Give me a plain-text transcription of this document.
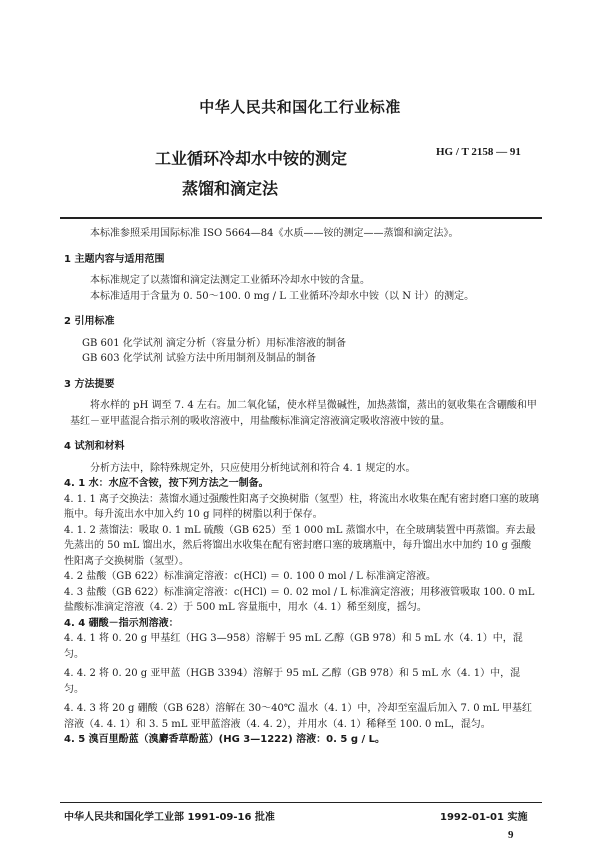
中华人民共和国化工行业标准
工业循环冷却水中铵的测定
蒸馏和滴定法
HG / T 2158 — 91

本标准参照采用国际标准 ISO 5664—84《水质——铵的测定——蒸馏和滴定法》。

1 主题内容与适用范围

本标准规定了以蒸馏和滴定法测定工业循环冷却水中铵的含量。

本标准适用于含量为 0. 50～100. 0 mg / L 工业循环冷却水中铵（以 N 计）的测定。

2 引用标准

GB 601 化学试剂 滴定分析（容量分析）用标准溶液的制备

GB 603 化学试剂 试验方法中所用制剂及制品的制备

3 方法提要

将水样的 pH 调至 7. 4 左右。加二氧化锰，使水样呈微碱性，加热蒸馏，蒸出的氨收集在含硼酸和甲基红－亚甲蓝混合指示剂的吸收溶液中，用盐酸标准滴定溶液滴定吸收溶液中铵的量。

4 试剂和材料

分析方法中，除特殊规定外，只应使用分析纯试剂和符合 4. 1 规定的水。

4. 1 水：水应不含铵，按下列方法之一制备。

4. 1. 1 离子交换法：蒸馏水通过强酸性阳离子交换树脂（氢型）柱，将流出水收集在配有密封磨口塞的玻璃瓶中。每升流出水中加入约 10 g 同样的树脂以利于保存。

4. 1. 2 蒸馏法：吸取 0. 1 mL 硫酸（GB 625）至 1 000 mL 蒸馏水中，在全玻璃装置中再蒸馏。弃去最先蒸出的 50 mL 馏出水，然后将馏出水收集在配有密封磨口塞的玻璃瓶中，每升馏出水中加约 10 g 强酸性阳离子交换树脂（氢型）。

4. 2 盐酸（GB 622）标准滴定溶液：c(HCl) ＝ 0. 100 0 mol / L 标准滴定溶液。

4. 3 盐酸（GB 622）标准滴定溶液：c(HCl) ＝ 0. 02 mol / L 标准滴定溶液；用移液管吸取 100. 0 mL 盐酸标准滴定溶液（4. 2）于 500 mL 容量瓶中，用水（4. 1）稀至刻度，摇匀。

4. 4 硼酸－指示剂溶液：

4. 4. 1 将 0. 20 g 甲基红（HG 3—958）溶解于 95 mL 乙醇（GB 978）和 5 mL 水（4. 1）中，混匀。

4. 4. 2 将 0. 20 g 亚甲蓝（HGB 3394）溶解于 95 mL 乙醇（GB 978）和 5 mL 水（4. 1）中，混匀。

4. 4. 3 将 20 g 硼酸（GB 628）溶解在 30～40℃ 温水（4. 1）中，冷却至室温后加入 7. 0 mL 甲基红溶液（4. 4. 1）和 3. 5 mL 亚甲蓝溶液（4. 4. 2），并用水（4. 1）稀释至 100. 0 mL，混匀。

4. 5 溴百里酚蓝（溴麝香草酚蓝）(HG 3—1222) 溶液：0. 5 g / L。

中华人民共和国化学工业部 1991-09-16 批准	1992-01-01 实施
9
